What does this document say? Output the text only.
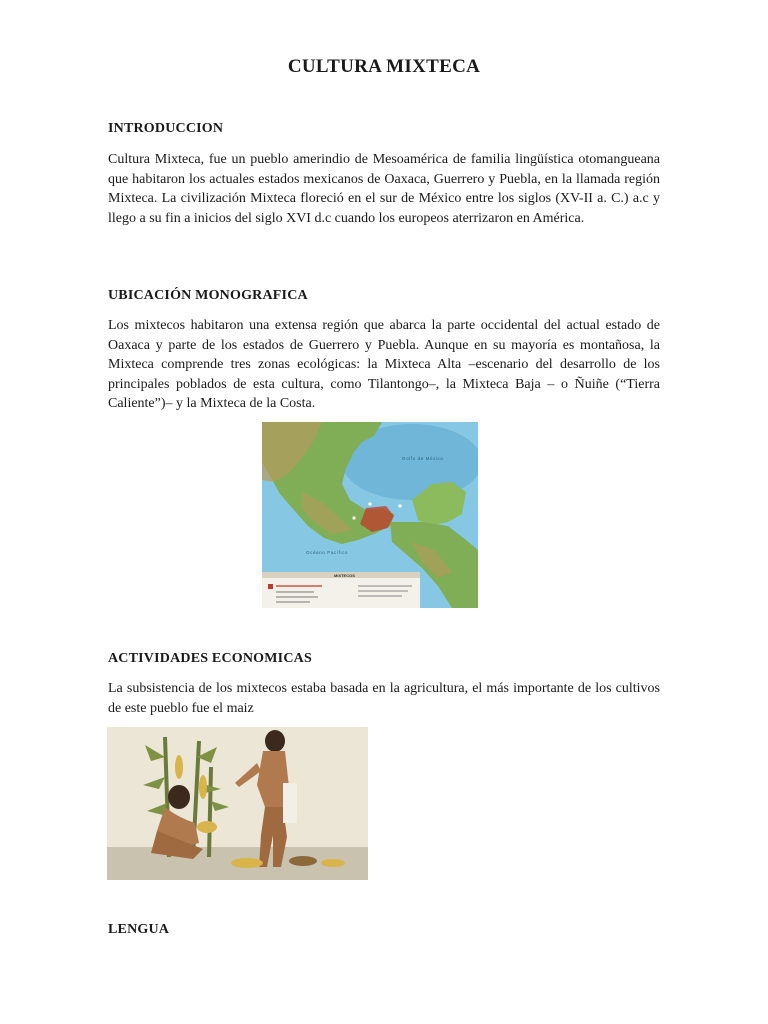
CULTURA MIXTECA
INTRODUCCION

Cultura Mixteca, fue un pueblo amerindio de Mesoamérica de familia lingüística otomangueana que habitaron los actuales estados mexicanos de Oaxaca, Guerrero y Puebla, en la llamada región Mixteca. La civilización Mixteca floreció en el sur de México entre los siglos (XV-II a. C.) a.c y llego a su fin a inicios del siglo XVI d.c cuando los europeos aterrizaron en América.

UBICACIÓN MONOGRAFICA

Los mixtecos habitaron una extensa región que abarca la parte occidental del actual estado de Oaxaca y parte de los estados de Guerrero y Puebla. Aunque en su mayoría es montañosa, la Mixteca comprende tres zonas ecológicas: la Mixteca Alta –escenario del desarrollo de los principales poblados de esta cultura, como Tilantongo–, la Mixteca Baja – o Ñuiñe (“Tierra Caliente”)– y la Mixteca de la Costa.

MIXTECOS
Golfo de México
Océano Pacífico
ACTIVIDADES ECONOMICAS

La subsistencia de los mixtecos estaba basada en la agricultura, el más importante de los cultivos de este pueblo fue el maiz

LENGUA
